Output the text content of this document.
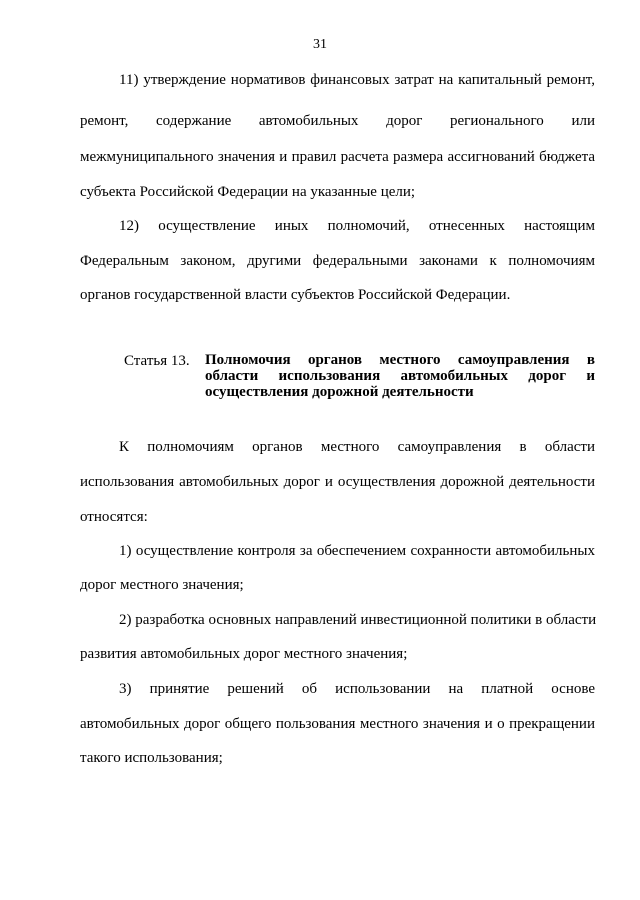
31
11) утверждение нормативов финансовых затрат на капитальный ремонт,
ремонт, содержание автомобильных дорог регионального или
межмуниципального значения и правил расчета размера ассигнований бюджета
субъекта Российской Федерации на указанные цели;
12) осуществление иных полномочий, отнесенных настоящим
Федеральным законом, другими федеральными законами к полномочиям
органов государственной власти субъектов Российской Федерации.
Статья 13. Полномочия органов местного самоуправления в
области использования автомобильных дорог и
осуществления дорожной деятельности
К полномочиям органов местного самоуправления в области
использования автомобильных дорог и осуществления дорожной деятельности
относятся:
1) осуществление контроля за обеспечением сохранности автомобильных
дорог местного значения;
2) разработка основных направлений инвестиционной политики в области
развития автомобильных дорог местного значения;
3) принятие решений об использовании на платной основе
автомобильных дорог общего пользования местного значения и о прекращении
такого использования;
